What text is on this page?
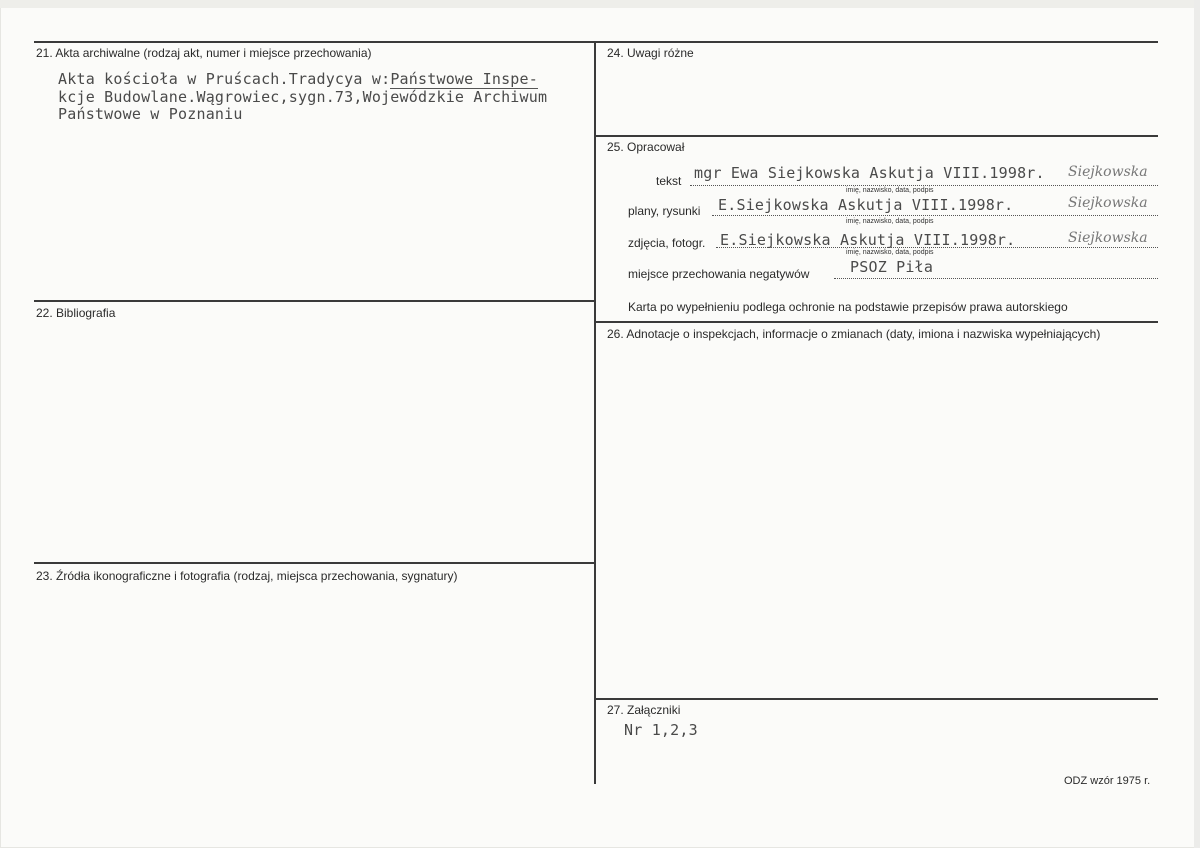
21. Akta archiwalne (rodzaj akt, numer i miejsce przechowania)
Akta kościoła w Pruścach.Tradycya w:Państwowe Inspe-
kcje Budowlane.Wągrowiec,sygn.73,Wojewódzkie Archiwum
Państwowe w Poznaniu
22. Bibliografia
23. Źródła ikonograficzne i fotografia (rodzaj, miejsca przechowania, sygnatury)
24. Uwagi różne
25. Opracował
tekst mgr Ewa Siejkowska Askutja VIII.1998r. Siejkowska
imię, nazwisko, data, podpis
plany, rysunki E.Siejkowska Askutja VIII.1998r.	Siejkowska
imię, nazwisko, data, podpis
zdjęcia, fotogr. E.Siejkowska Askutja VIII.1998r.	Siejkowska
imię, nazwisko, data, podpis
miejsce przechowania negatywów	PSOZ Piła
Karta po wypełnieniu podlega ochronie na podstawie przepisów prawa autorskiego
26. Adnotacje o inspekcjach, informacje o zmianach (daty, imiona i nazwiska wypełniających)
27. Załączniki
Nr 1,2,3
ODZ wzór 1975 r.
